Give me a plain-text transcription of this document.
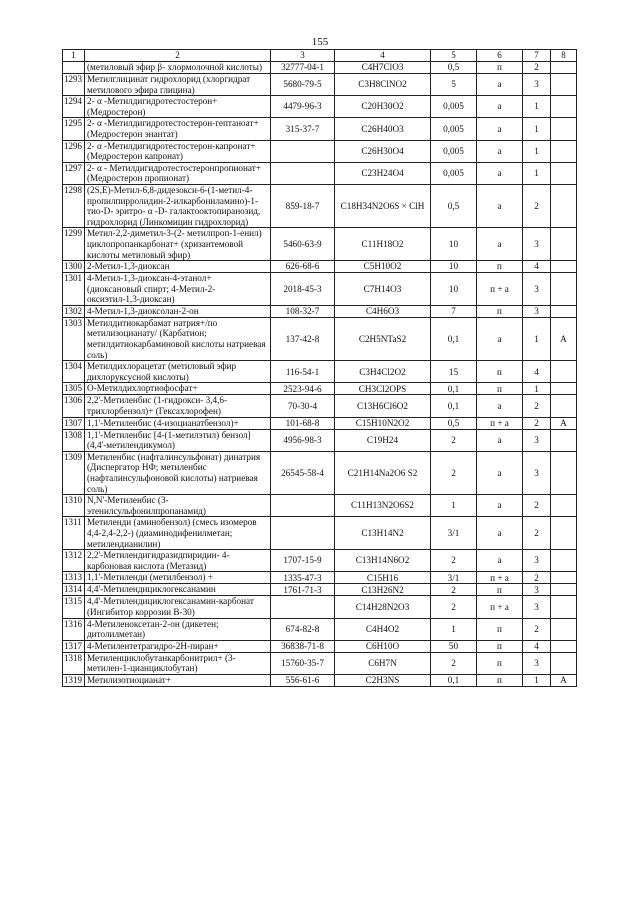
155
1	2	3	4	5	6	7	8
	(метиловый эфир β- хлормолочной кислоты)	32777-04-1	C4H7ClO3	0,5	п	2	
1293	Метилглицинат гидрохлорид (хлоргидрат метилового эфира глицина)	5680-79-5	C3H8ClNO2	5	а	3	
1294	2- α -Метилдигидротестостерон+ (Медростерон)	4479-96-3	C20H30O2	0,005	а	1	
1295	2- α -Метилдигидротестостерон-гептаноат+ (Медростерон энантат)	315-37-7	C26H40O3	0,005	а	1	
1296	2- α -Метилдигидротестостерон-капронат+ (Медростерон капронат)		C26H30O4	0,005	а	1	
1297	2- α - Метилдигидротестостеронпропионат+ (Медростерон пропионат)		C23H24O4	0,005	а	1	
1298	(2S,E)-Метил-6,8-дидезокси-6-(1-метил-4-пропилпирролидин-2-илкарбониламино)-1-тио-D- эритро- α -D- галактооктопиранозид, гидрохлорид (Линкомицин гидрохлорид)	859-18-7	C18H34N2O6S × ClH	0,5	а	2	
1299	Метил-2,2-диметил-3-(2- метилпроп-1-енил) циклопропанкарбонат+ (хризантемовой кислоты метиловый эфир)	5460-63-9	C11H18O2	10	а	3	
1300	2-Метил-1,3-диоксан	626-68-6	C5H10O2	10	п	4	
1301	4-Метил-1,3-диоксан-4-этанол+ (диоксановый спирт; 4-Метил-2-оксиэтил-1,3-диоксан)	2018-45-3	C7H14O3	10	п + а	3	
1302	4-Метил-1,3-диоксолан-2-он	108-32-7	C4H6O3	7	п	3	
1303	Метилдитиокарбамат натрия+/по метилизоцианату/ (Карбатион; метилдитиокарбаминовой кислоты натриевая соль)	137-42-8	C2H5NTaS2	0,1	а	1	А
1304	Метилдихлорацетат (метиловый эфир дихлоруксусной кислоты)	116-54-1	C3H4Cl2O2	15	п	4	
1305	О-Метилдихлортиофосфат+	2523-94-6	CH3Cl2OPS	0,1	п	1	
1306	2,2'-Метиленбис (1-гидрокси- 3,4,6-трихлорбензол)+ (Гексахлорофен)	70-30-4	C13H6Cl6O2	0,1	а	2	
1307	1,1'-Метиленбис (4-изоцианатбензол)+	101-68-8	C15H10N2O2	0,5	п + а	2	А
1308	1,1'-Метиленбис [4-(1-метилэтил) бензол] (4,4'-метилендикумол)	4956-98-3	C19H24	2	а	3	
1309	Метиленбис (нафталинсульфонат) динатрия (Диспергатор НФ; метиленбис (нафталинсульфоновой кислоты) натриевая соль)	26545-58-4	C21H14Na2O6 S2	2	а	3	
1310	N,N'-Метиленбис (3-этенилсульфонилпропанамид)		C11H13N2O6S2	1	а	2	
1311	Метиленди (аминобензол) (смесь изомеров 4,4-2,4-2,2-) (диаминодифенилметан; метилендианилин)		C13H14N2	3/1	а	2	
1312	2,2'-Метилендигидразидпиридин- 4-карбоновая кислота (Метазид)	1707-15-9	C13H14N6O2	2	а	3	
1313	1,1'-Метиленди (метилбензол) +	1335-47-3	C15H16	3/1	п + а	2	
1314	4,4'-Метилендициклогексанамин	1761-71-3	C13H26N2	2	п	3	
1315	4,4'-Метилендициклогексанамин-карбонат (Ингибитор коррозии В-30)		C14H28N2O3	2	п + а	3	
1316	4-Метиленоксетан-2-он (дикетен; дитолилметан)	674-82-8	C4H4O2	1	п	2	
1317	4-Метилентетрагидро-2Н-пиран+	36838-71-8	C6H10O	50	п	4	
1318	Метиленциклобутанкарбонитрил+ (3-метилен-1-цианциклобутан)	15760-35-7	C6H7N	2	п	3	
1319	Метилизотиоцианат+	556-61-6	C2H3NS	0,1	п	1	А
